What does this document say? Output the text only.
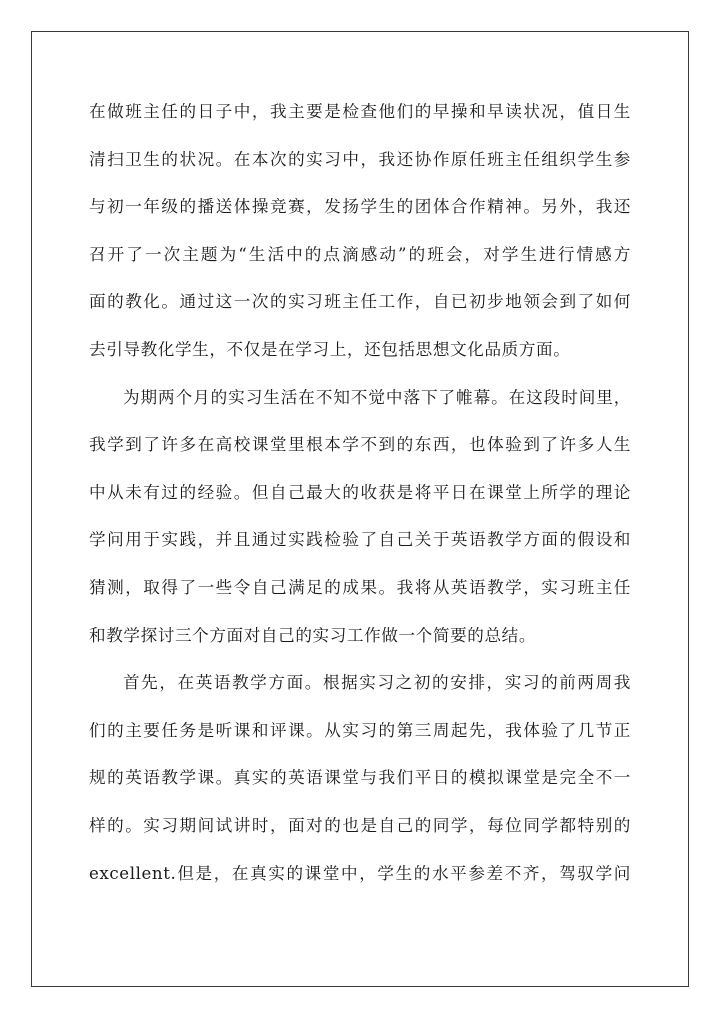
在做班主任的日子中，我主要是检查他们的早操和早读状况，值日生
清扫卫生的状况。在本次的实习中，我还协作原任班主任组织学生参
与初一年级的播送体操竞赛，发扬学生的团体合作精神。另外，我还
召开了一次主题为“生活中的点滴感动”的班会，对学生进行情感方
面的教化。通过这一次的实习班主任工作，自已初步地领会到了如何
去引导教化学生，不仅是在学习上，还包括思想文化品质方面。
为期两个月的实习生活在不知不觉中落下了帷幕。在这段时间里，
我学到了许多在高校课堂里根本学不到的东西，也体验到了许多人生
中从未有过的经验。但自己最大的收获是将平日在课堂上所学的理论
学问用于实践，并且通过实践检验了自己关于英语教学方面的假设和
猜测，取得了一些令自己满足的成果。我将从英语教学，实习班主任
和教学探讨三个方面对自己的实习工作做一个简要的总结。
首先，在英语教学方面。根据实习之初的安排，实习的前两周我
们的主要任务是听课和评课。从实习的第三周起先，我体验了几节正
规的英语教学课。真实的英语课堂与我们平日的模拟课堂是完全不一
样的。实习期间试讲时，面对的也是自己的同学，每位同学都特别的
excellent.但是，在真实的课堂中，学生的水平参差不齐，驾驭学问
